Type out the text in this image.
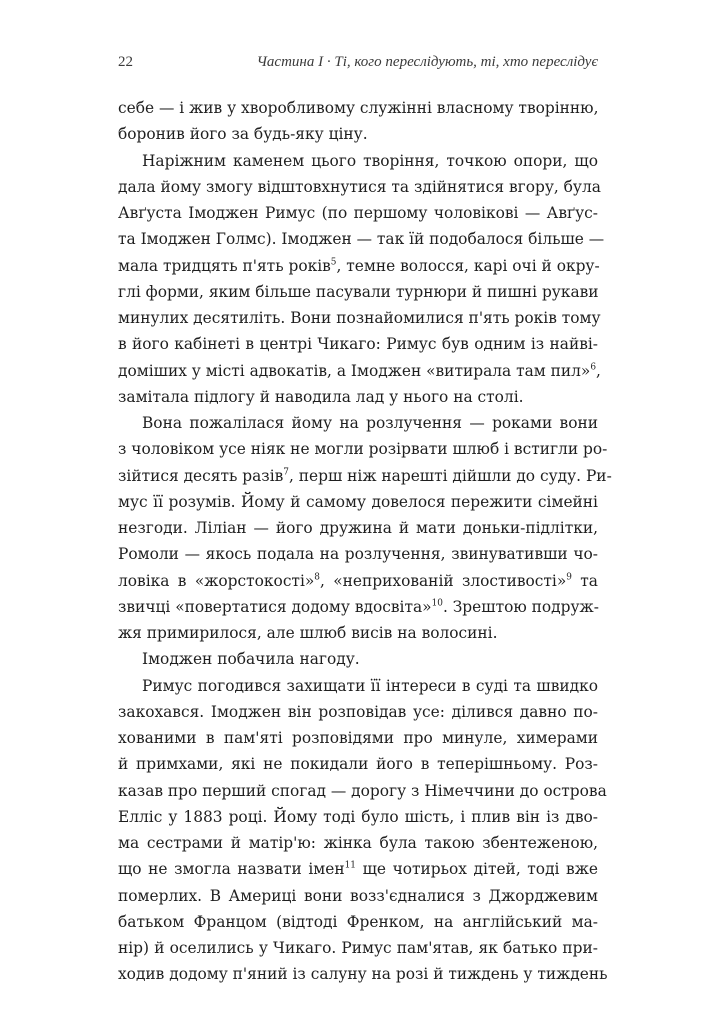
22	Частина I · Ті, кого переслідують, ті, хто переслідує
себе — і жив у хворобливому служінні власному творінню,
боронив його за будь-яку ціну.
Наріжним каменем цього творіння, точкою опори, що
дала йому змогу відштовхнутися та здійнятися вгору, була
Авґуста Імоджен Римус (по першому чоловікові — Авґус-
та Імоджен Голмс). Імоджен — так їй подобалося більше —
мала тридцять п'ять років$^5$, темне волосся, карі очі й окру-
глі форми, яким більше пасували турнюри й пишні рукави
минулих десятиліть. Вони познайомилися п'ять років тому
в його кабінеті в центрі Чикаго: Римус був одним із найві-
доміших у місті адвокатів, а Імоджен «витирала там пил»$^6$,
замітала підлогу й наводила лад у нього на столі.
Вона пожалілася йому на розлучення — роками вони
з чоловіком усе ніяк не могли розірвати шлюб і встигли ро-
зійтися десять разів$^7$, перш ніж нарешті дійшли до суду. Ри-
мус її розумів. Йому й самому довелося пережити сімейні
незгоди. Ліліан — його дружина й мати доньки-підлітки,
Ромоли — якось подала на розлучення, звинувативши чо-
ловіка в «жорстокості»$^8$, «неприхованій злостивості»$^9$ та
звичці «повертатися додому вдосвіта»$^{10}$. Зрештою подруж-
жя примирилося, але шлюб висів на волосині.
Імоджен побачила нагоду.
Римус погодився захищати її інтереси в суді та швидко
закохався. Імоджен він розповідав усе: ділився давно по-
хованими в пам'яті розповідями про минуле, химерами
й примхами, які не покидали його в теперішньому. Роз-
казав про перший спогад — дорогу з Німеччини до острова
Елліс у 1883 році. Йому тоді було шість, і плив він із дво-
ма сестрами й матір'ю: жінка була такою збентеженою,
що не змогла назвати імен$^{11}$ ще чотирьох дітей, тоді вже
померлих. В Америці вони возз'єдналися з Джорджевим
батьком Францом (відтоді Френком, на англійський ма-
нір) й оселились у Чикаго. Римус пам'ятав, як батько при-
ходив додому п'яний із салуну на розі й тиждень у тиждень
